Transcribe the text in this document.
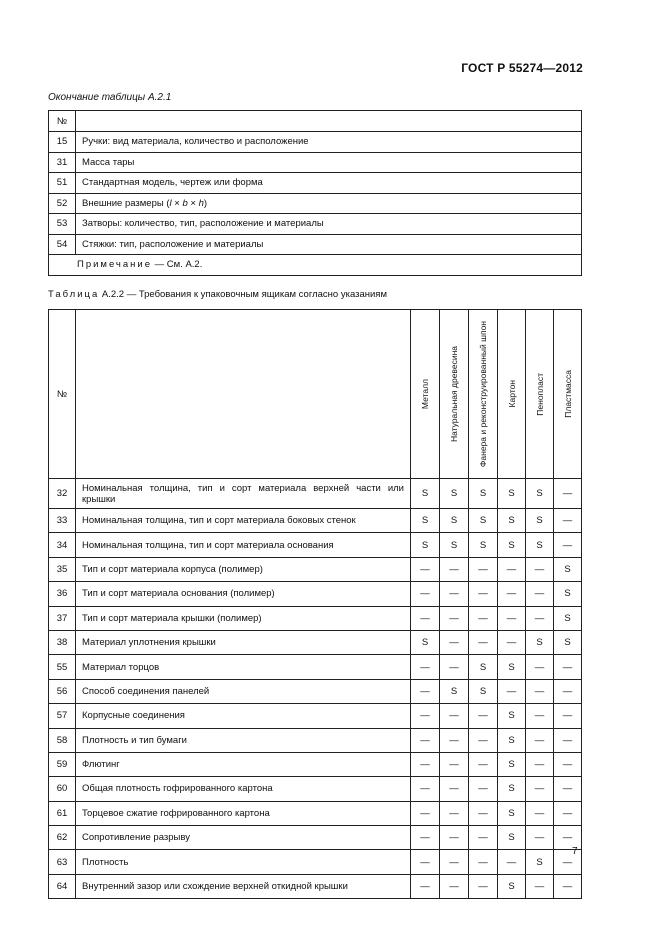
ГОСТ Р 55274—2012
Окончание таблицы А.2.1
№	
15	Ручки: вид материала, количество и расположение
31	Масса тары
51	Стандартная модель, чертеж или форма
52	Внешние размеры (l × b × h)
53	Затворы: количество, тип, расположение и материалы
54	Стяжки: тип, расположение и материалы
Примечание — См. А.2.	
Таблица А.2.2 — Требования к упаковочным ящикам согласно указаниям
№		Металл	Натуральная древесина	Фанера и реконструированный шпон	Картон	Пенопласт	Пластмасса

32	Номинальная толщина, тип и сорт материала верхней части или крышки	S	S	S	S	S	—
33	Номинальная толщина, тип и сорт материала боковых стенок	S	S	S	S	S	—
34	Номинальная толщина, тип и сорт материала основания	S	S	S	S	S	—
35	Тип и сорт материала корпуса (полимер)	—	—	—	—	—	S
36	Тип и сорт материала основания (полимер)	—	—	—	—	—	S
37	Тип и сорт материала крышки (полимер)	—	—	—	—	—	S
38	Материал уплотнения крышки	S	—	—	—	S	S
55	Материал торцов	—	—	S	S	—	—
56	Способ соединения панелей	—	S	S	—	—	—
57	Корпусные соединения	—	—	—	S	—	—
58	Плотность и тип бумаги	—	—	—	S	—	—
59	Флютинг	—	—	—	S	—	—
60	Общая плотность гофрированного картона	—	—	—	S	—	—
61	Торцевое сжатие гофрированного картона	—	—	—	S	—	—
62	Сопротивление разрыву	—	—	—	S	—	—
63	Плотность	—	—	—	—	S	—
64	Внутренний зазор или схождение верхней откидной крышки	—	—	—	S	—	—
7
